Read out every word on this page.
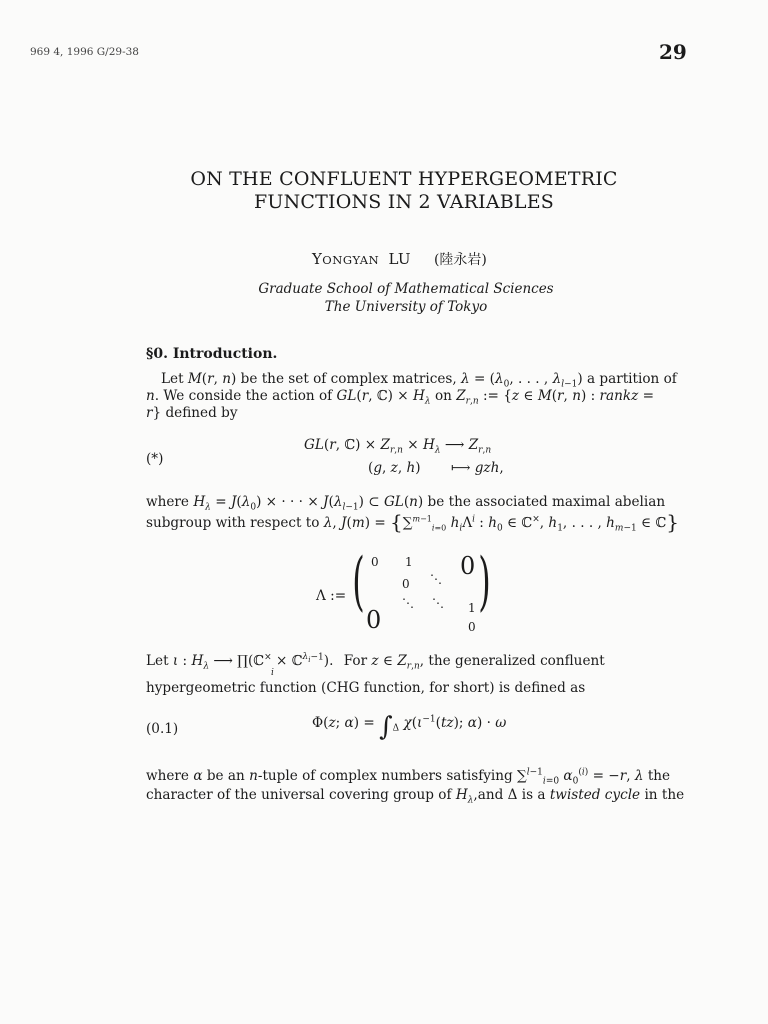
969 4, 1996 G/29-38	29
ON THE CONFLUENT HYPERGEOMETRIC
FUNCTIONS IN 2 VARIABLES
YONGYAN LU (陸永岩)
Graduate School of Mathematical Sciences
The University of Tokyo
§0. Introduction.
Let M(r, n) be the set of complex matrices, $\lambda = (\lambda_0$, . . . , $\lambda_{l-1}$) a partition of
n. We conside the action of GL(r, ℂ) × $H_\lambda$ on $Z_{r,n}$ := {z ∈ M(r, n) : rankz =
r} defined by
(*)
GL(r, ℂ) × $Z_{r,n} \times H_\lambda$ ⟶ $Z_{r,n}$
(g, z, h) ⟼ gzh,
where $H_\lambda = J(\lambda_0)$ × · · · × $J(\lambda_{l-1})$ ⊂ GL(n) be the associated maximal abelian
subgroup with respect to λ, J(m) = {∑$^{m-1}_{i=0}$ $h_i\Lambda^i$ : $h_0$ ∈ ℂ×, $h_1$, . . . , $h_{m-1}$ ∈ ℂ}
Λ := ( )
0 1
0 ⋱
⋱ ⋱ 1
0
0
0
Let ι : $H_\lambda$ ⟶ ∏(ℂ× × ℂ$^{\lambda_i-1}$). For z ∈ $Z_{r,n}$, the generalized confluent
i
hypergeometric function (CHG function, for short) is defined as
(0.1)	Φ(z; $\alpha) = \int_\Delta$ $\chi(\iota^{-1}(tz)$; α) · ω
where α be an n-tuple of complex numbers satisfying ∑$^{l-1}_{i=0}$ $\alpha_0^{(i)} = -r$, λ the
character of the universal covering group of $H_\lambda,and$ Δ is a twisted cycle in the
